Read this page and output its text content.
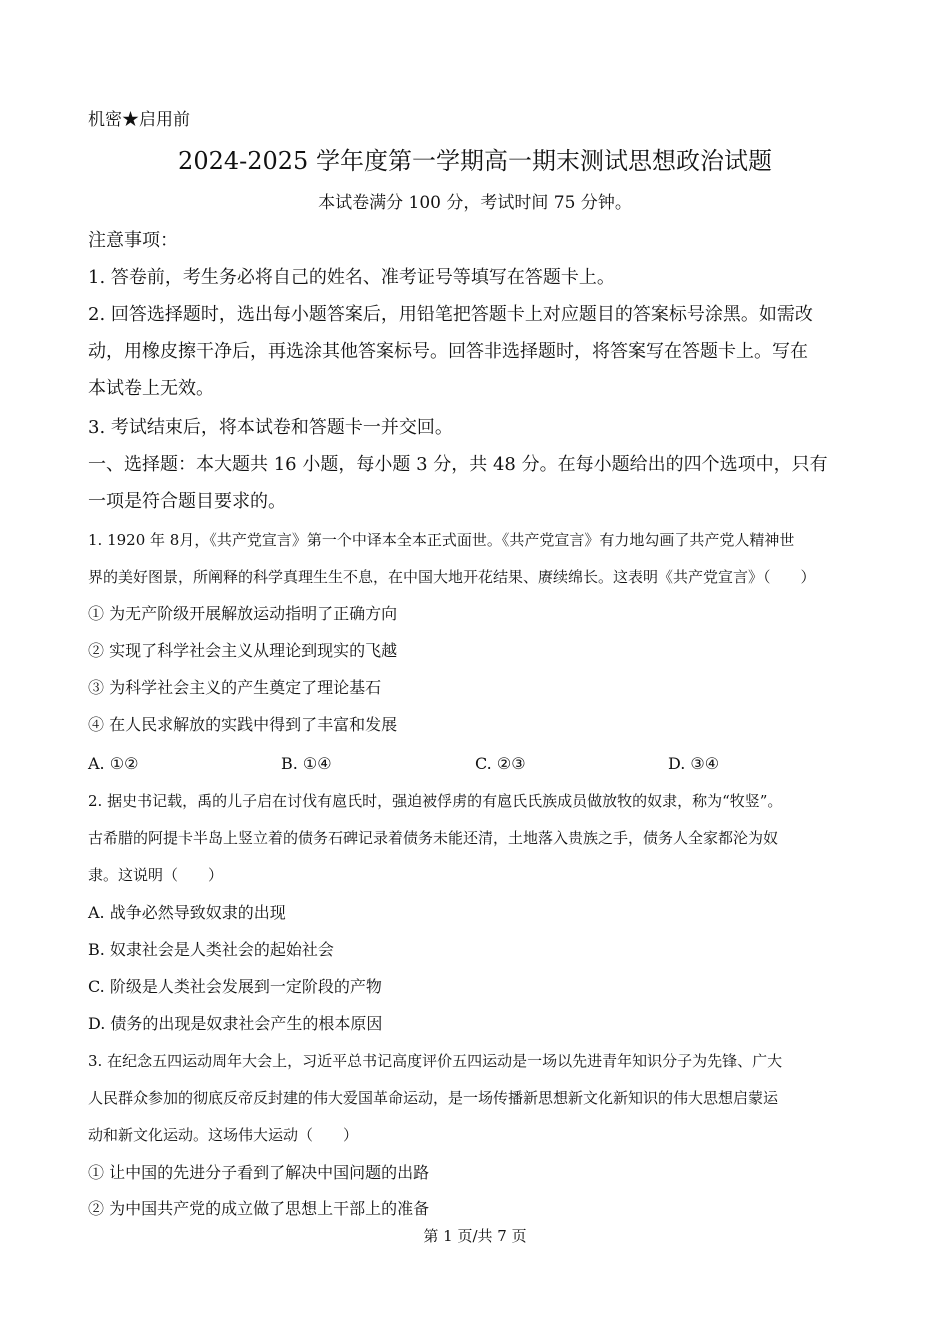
机密★启用前
2024-2025 学年度第一学期高一期末测试思想政治试题
本试卷满分 100 分，考试时间 75 分钟。
注意事项：
1. 答卷前，考生务必将自己的姓名、准考证号等填写在答题卡上。
2. 回答选择题时，选出每小题答案后，用铅笔把答题卡上对应题目的答案标号涂黑。如需改
动，用橡皮擦干净后，再选涂其他答案标号。回答非选择题时，将答案写在答题卡上。写在
本试卷上无效。
3. 考试结束后，将本试卷和答题卡一并交回。
一、选择题：本大题共 16 小题，每小题 3 分，共 48 分。在每小题给出的四个选项中，只有
一项是符合题目要求的。
1. 1920 年 8月，《共产党宣言》第一个中译本全本正式面世。《共产党宣言》有力地勾画了共产党人精神世
界的美好图景，所阐释的科学真理生生不息，在中国大地开花结果、赓续绵长。这表明《共产党宣言》（　　）
① 为无产阶级开展解放运动指明了正确方向
② 实现了科学社会主义从理论到现实的飞越
③ 为科学社会主义的产生奠定了理论基石
④ 在人民求解放的实践中得到了丰富和发展
A. ①②	B. ①④	C. ②③	D. ③④
2. 据史书记载，禹的儿子启在讨伐有扈氏时，强迫被俘虏的有扈氏氏族成员做放牧的奴隶，称为“牧竖”。
古希腊的阿提卡半岛上竖立着的债务石碑记录着债务未能还清，土地落入贵族之手，债务人全家都沦为奴
隶。这说明（　　）
A. 战争必然导致奴隶的出现
B. 奴隶社会是人类社会的起始社会
C. 阶级是人类社会发展到一定阶段的产物
D. 债务的出现是奴隶社会产生的根本原因
3. 在纪念五四运动周年大会上，习近平总书记高度评价五四运动是一场以先进青年知识分子为先锋、广大
人民群众参加的彻底反帝反封建的伟大爱国革命运动，是一场传播新思想新文化新知识的伟大思想启蒙运
动和新文化运动。这场伟大运动（　　）
① 让中国的先进分子看到了解决中国问题的出路
② 为中国共产党的成立做了思想上干部上的准备
第 1 页/共 7 页
